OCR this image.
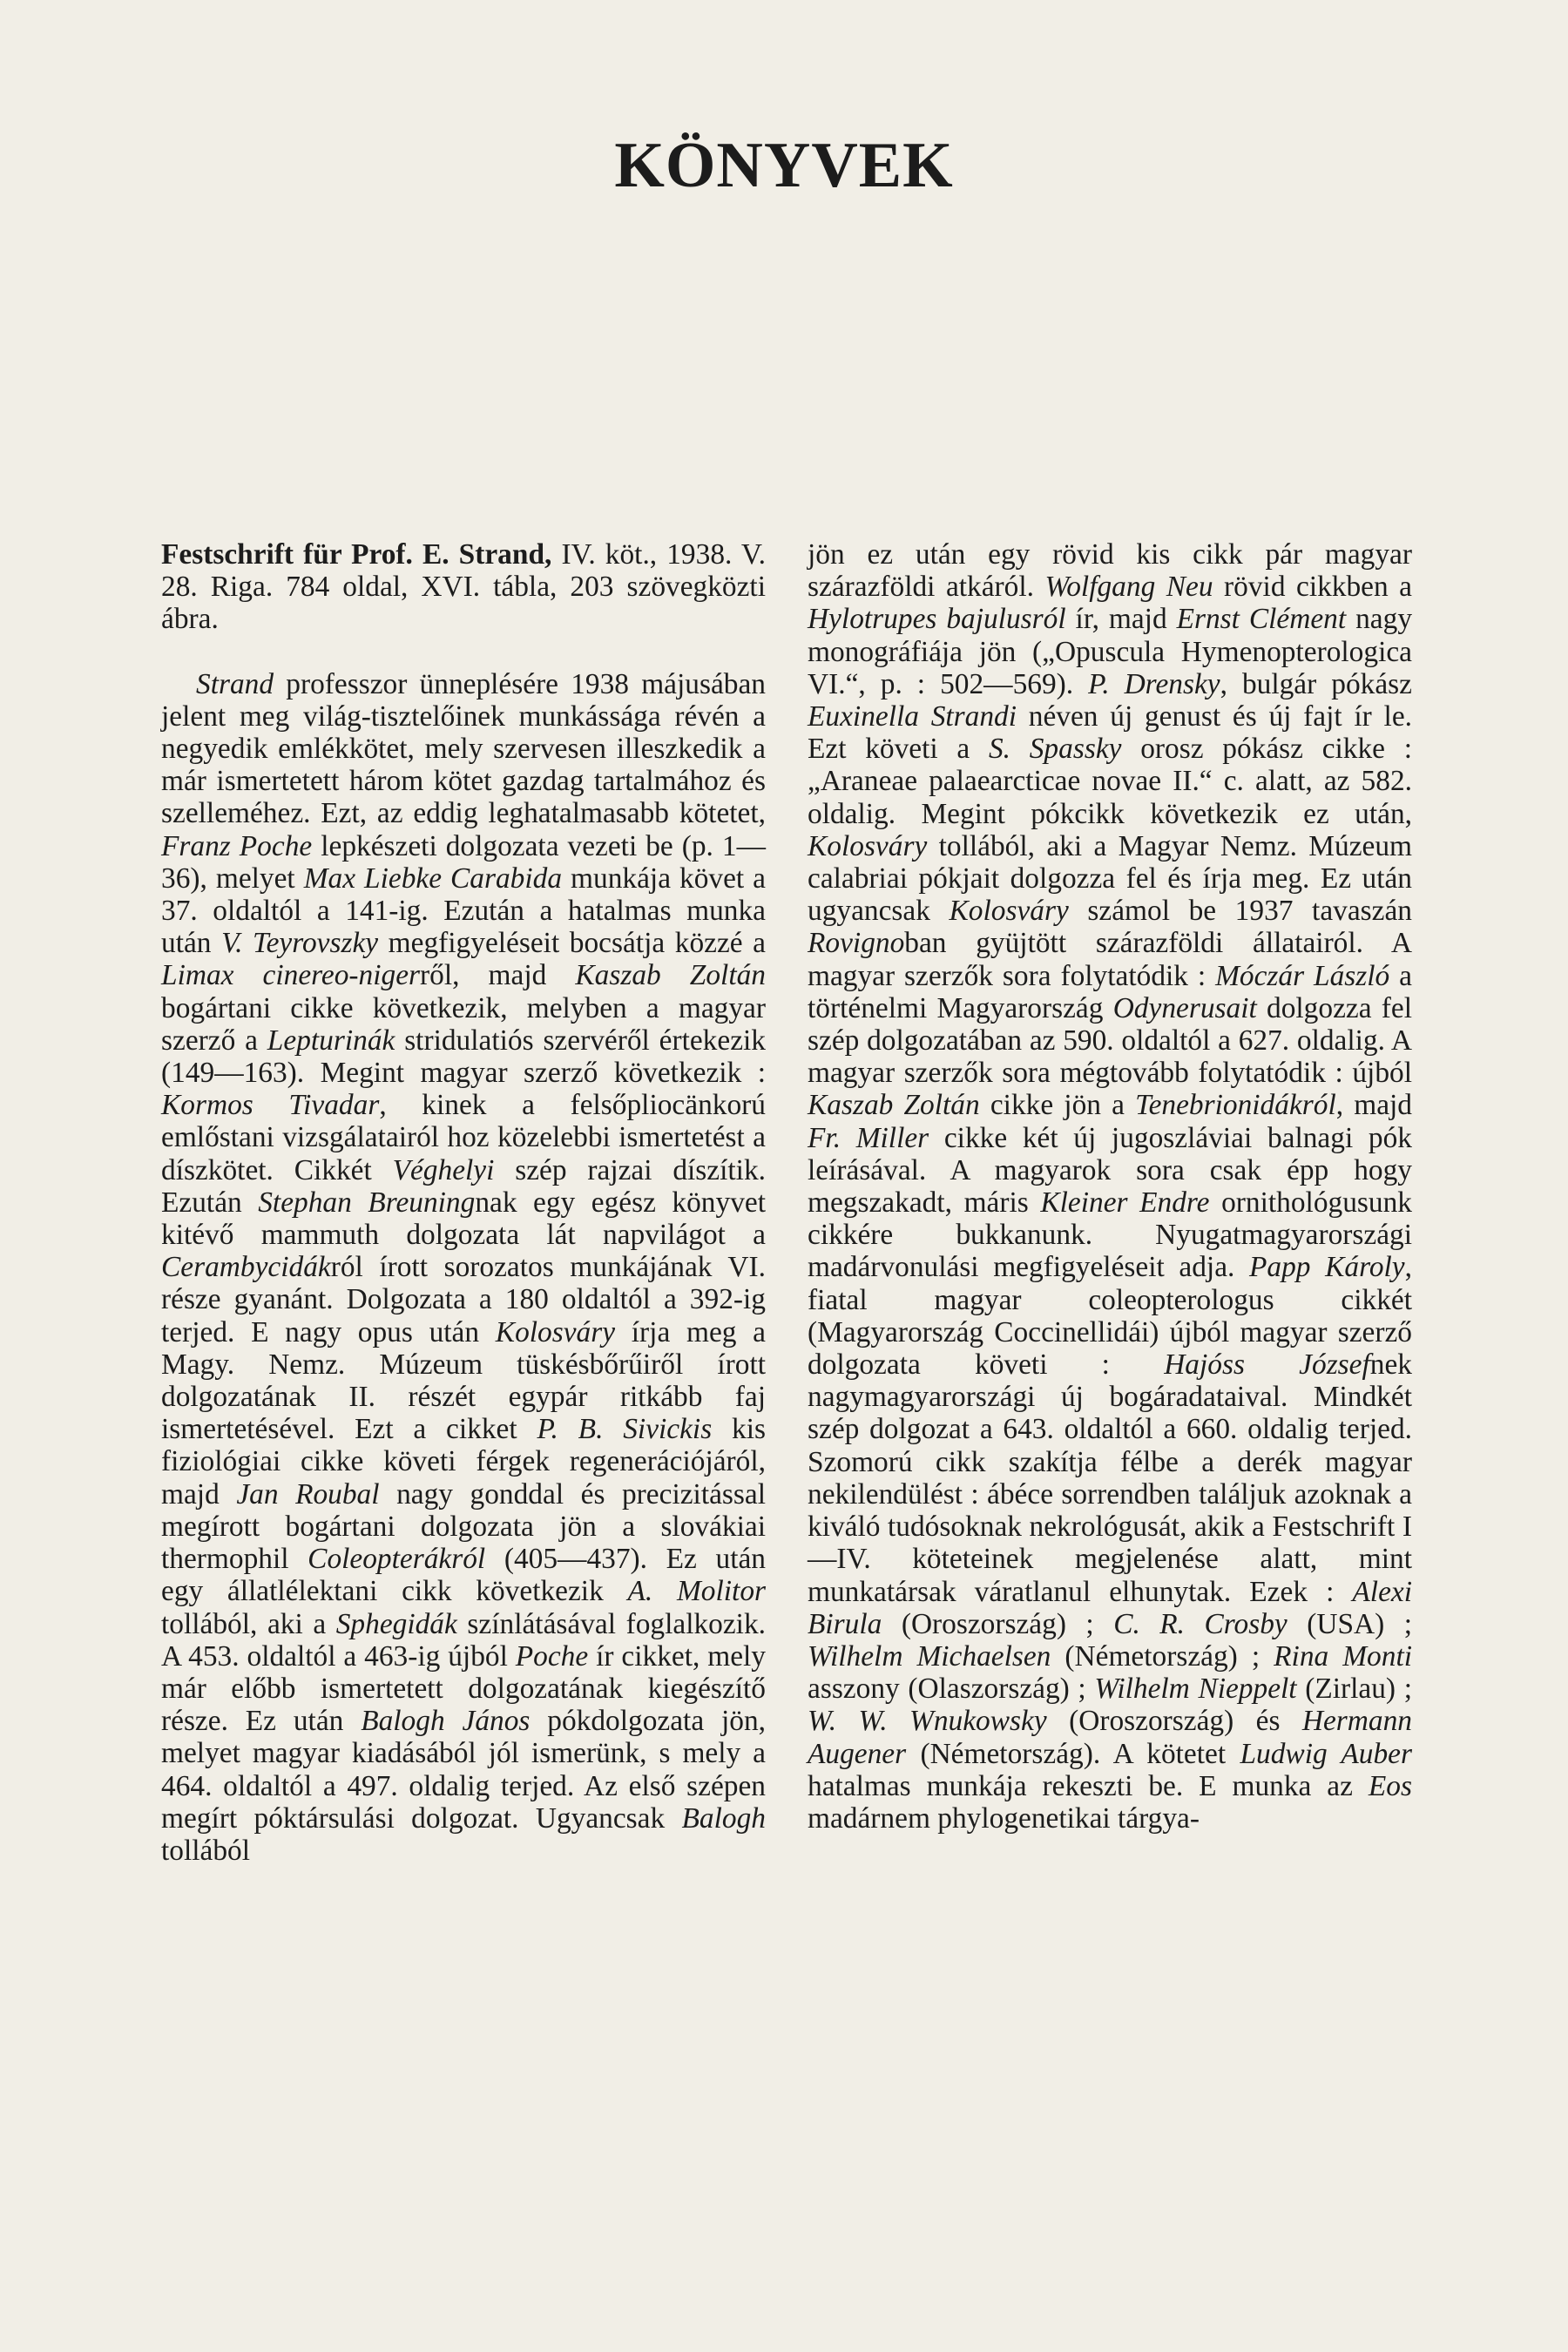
KÖNYVEK

Festschrift für Prof. E. Strand, IV. köt., 1938. V. 28. Riga. 784 oldal, XVI. tábla, 203 szövegközti ábra.

Strand professzor ünneplésére 1938 májusában jelent meg világ-tisztelőinek munkássága révén a negyedik emlékkötet, mely szervesen illeszkedik a már ismertetett három kötet gazdag tartalmához és szelleméhez. Ezt, az eddig leghatalmasabb kötetet, Franz Poche lepkészeti dolgozata vezeti be (p. 1—36), melyet Max Liebke Carabida munkája követ a 37. oldaltól a 141-ig. Ezután a hatalmas munka után V. Teyrovszky megfigyeléseit bocsátja közzé a Limax cinereo-nigerről, majd Kaszab Zoltán bogártani cikke következik, melyben a magyar szerző a Lepturinák stridulatiós szervéről értekezik (149—163). Megint magyar szerző következik : Kormos Tivadar, kinek a felsőpliocänkorú emlőstani vizsgálatairól hoz közelebbi ismertetést a díszkötet. Cikkét Véghelyi szép rajzai díszítik. Ezután Stephan Breuningnak egy egész könyvet kitévő mammuth dolgozata lát napvilágot a Cerambycidákról írott sorozatos munkájának VI. része gyanánt. Dolgozata a 180 oldaltól a 392-ig terjed. E nagy opus után Kolosváry írja meg a Magy. Nemz. Múzeum tüskésbőrűiről írott dolgozatának II. részét egypár ritkább faj ismertetésével. Ezt a cikket P. B. Sivickis kis fiziológiai cikke követi férgek regenerációjáról, majd Jan Roubal nagy gonddal és precizitással megírott bogártani dolgozata jön a slovákiai thermophil Coleopterákról (405—437). Ez után egy állatlélektani cikk következik A. Molitor tollából, aki a Sphegidák színlátásával foglalkozik. A 453. oldaltól a 463-ig újból Poche ír cikket, mely már előbb ismertetett dolgozatának kiegészítő része. Ez után Balogh János pókdolgozata jön, melyet magyar kiadásából jól ismerünk, s mely a 464. oldaltól a 497. oldalig terjed. Az első szépen megírt póktársulási dolgozat. Ugyancsak Balogh tollából

jön ez után egy rövid kis cikk pár magyar szárazföldi atkáról. Wolfgang Neu rövid cikkben a Hylotrupes bajulusról ír, majd Ernst Clément nagy monográfiája jön („Opuscula Hymenopterologica VI.“, p. : 502—569). P. Drensky, bulgár pókász Euxinella Strandi néven új genust és új fajt ír le. Ezt követi a S. Spassky orosz pókász cikke : „Araneae palaearcticae novae II.“ c. alatt, az 582. oldalig. Megint pókcikk következik ez után, Kolosváry tollából, aki a Magyar Nemz. Múzeum calabriai pókjait dolgozza fel és írja meg. Ez után ugyancsak Kolosváry számol be 1937 tavaszán Rovignoban gyüjtött szárazföldi állatairól. A magyar szerzők sora folytatódik : Móczár László a történelmi Magyarország Odynerusait dolgozza fel szép dolgozatában az 590. oldaltól a 627. oldalig. A magyar szerzők sora mégtovább folytatódik : újból Kaszab Zoltán cikke jön a Tenebrionidákról, majd Fr. Miller cikke két új jugoszláviai balnagi pók leírásával. A magyarok sora csak épp hogy megszakadt, máris Kleiner Endre ornithológusunk cikkére bukkanunk. Nyugatmagyarországi madárvonulási megfigyeléseit adja. Papp Károly, fiatal magyar coleopterologus cikkét (Magyarország Coccinellidái) újból magyar szerző dolgozata követi : Hajóss Józsefnek nagymagyarországi új bogáradataival. Mindkét szép dolgozat a 643. oldaltól a 660. oldalig terjed. Szomorú cikk szakítja félbe a derék magyar nekilendülést : ábéce sorrendben találjuk azoknak a kiváló tudósoknak nekrológusát, akik a Festschrift I—IV. köteteinek megjelenése alatt, mint munkatársak váratlanul elhunytak. Ezek : Alexi Birula (Oroszország) ; C. R. Crosby (USA) ; Wilhelm Michaelsen (Németország) ; Rina Monti asszony (Olaszország) ; Wilhelm Nieppelt (Zirlau) ; W. W. Wnukowsky (Oroszország) és Hermann Augener (Németország). A kötetet Ludwig Auber hatalmas munkája rekeszti be. E munka az Eos madárnem phylogenetikai tárgya-
